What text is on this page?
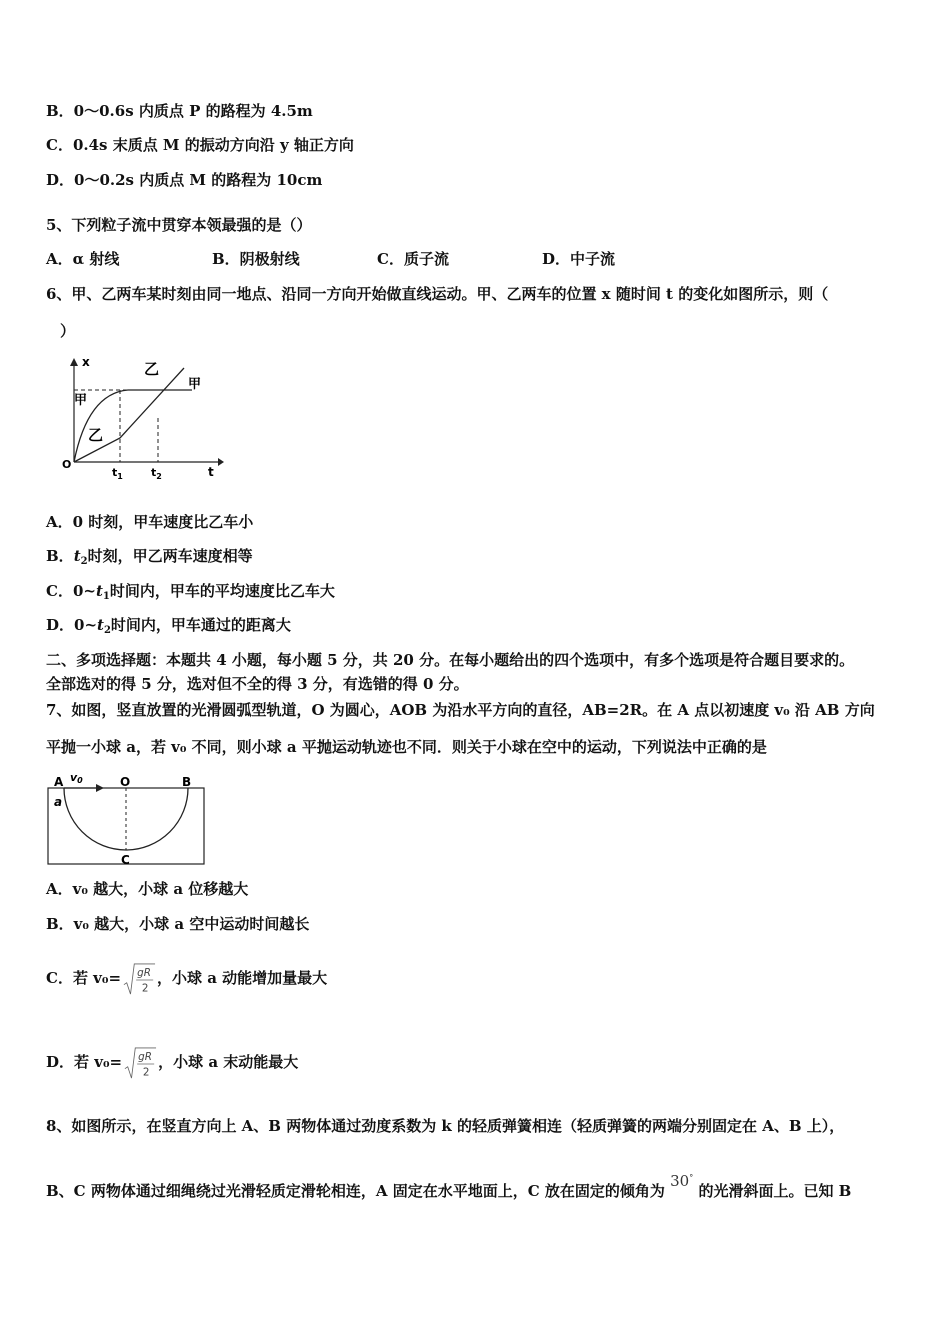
B．0～0.6s 内质点 P 的路程为 4.5m
C．0.4s 末质点 M 的振动方向沿 y 轴正方向
D．0～0.2s 内质点 M 的路程为 10cm
5、下列粒子流中贯穿本领最强的是（）
A．α 射线	B．阴极射线	C．质子流	D．中子流
6、甲、乙两车某时刻由同一地点、沿同一方向开始做直线运动。甲、乙两车的位置 x 随时间 t 的变化如图所示，则（
）
x
t
O
甲
甲
乙
乙
$t_1$	$t_2$
A．0 时刻，甲车速度比乙车小
B．$t_2$时刻，甲乙两车速度相等
C．$0\sim t_1$时间内，甲车的平均速度比乙车大
D．$0\sim t_2$时间内，甲车通过的距离大
二、多项选择题：本题共 4 小题，每小题 5 分，共 20 分。在每小题给出的四个选项中，有多个选项是符合题目要求的。
全部选对的得 5 分，选对但不全的得 3 分，有选错的得 0 分。
7、如图，竖直放置的光滑圆弧型轨道，O 为圆心，AOB 为沿水平方向的直径，AB=2R。在 A 点以初速度 v₀ 沿 AB 方向
平抛一小球 a，若 v₀ 不同，则小球 a 平抛运动轨迹也不同．则关于小球在空中的运动，下列说法中正确的是
A	O	B
C
a
v0
A．v₀ 越大，小球 a 位移越大
B．v₀ 越大，小球 a 空中运动时间越长
C．若 v₀= gR
2
，小球 a 动能增加量最大
D．若 v₀= gR
2
，小球 a 末动能最大
8、如图所示，在竖直方向上 A、B 两物体通过劲度系数为 k 的轻质弹簧相连（轻质弹簧的两端分别固定在 A、B 上），
B、C 两物体通过细绳绕过光滑轻质定滑轮相连，A 固定在水平地面上，C 放在固定的倾角为 30° 的光滑斜面上。已知 B
